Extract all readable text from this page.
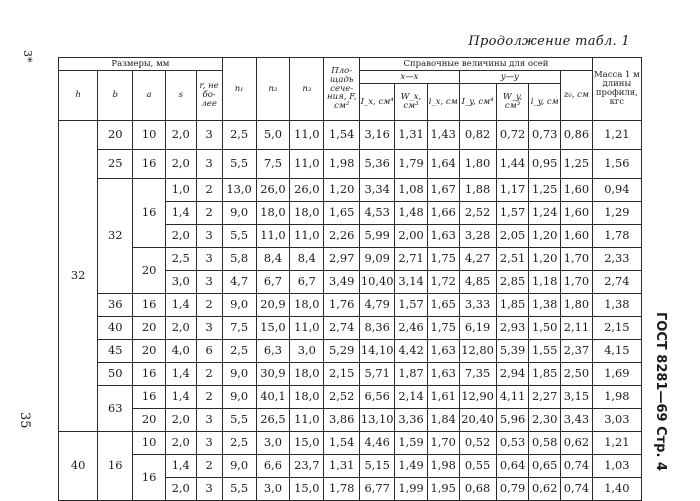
3*
Продолжение табл. 1
35	ГОСТ 8281—69 Стр. 4
Размеры, мм					n₁	n₂	n₃	Пло-щадь сече-ния, F, см²	Справочные величины для осей							Масса 1 м длины профиля, кгс
h	b	a	s	r, не бо-лее					x—x			y—y			z₀, см	
									I_x, см⁴	W_x, см³	i_x, см	I_y, см⁴	W_y, см³	i_y, см		
32	20	10	2,0	3	2,5	5,0	11,0	1,54	3,16	1,31	1,43	0,82	0,72	0,73	0,86	1,21
	25	16	2,0	3	5,5	7,5	11,0	1,98	5,36	1,79	1,64	1,80	1,44	0,95	1,25	1,56
	32	16	1,0	2	13,0	26,0	26,0	1,20	3,34	1,08	1,67	1,88	1,17	1,25	1,60	0,94
			1,4	2	9,0	18,0	18,0	1,65	4,53	1,48	1,66	2,52	1,57	1,24	1,60	1,29
			2,0	3	5,5	11,0	11,0	2,26	5,99	2,00	1,63	3,28	2,05	1,20	1,60	1,78
		20	2,5	3	5,8	8,4	8,4	2,97	9,09	2,71	1,75	4,27	2,51	1,20	1,70	2,33
			3,0	3	4,7	6,7	6,7	3,49	10,40	3,14	1,72	4,85	2,85	1,18	1,70	2,74
	36	16	1,4	2	9,0	20,9	18,0	1,76	4,79	1,57	1,65	3,33	1,85	1,38	1,80	1,38
	40	20	2,0	3	7,5	15,0	11,0	2,74	8,36	2,46	1,75	6,19	2,93	1,50	2,11	2,15
	45	20	4,0	6	2,5	6,3	3,0	5,29	14,10	4,42	1,63	12,80	5,39	1,55	2,37	4,15
	50	16	1,4	2	9,0	30,9	18,0	2,15	5,71	1,87	1,63	7,35	2,94	1,85	2,50	1,69
	63	16	1,4	2	9,0	40,1	18,0	2,52	6,56	2,14	1,61	12,90	4,11	2,27	3,15	1,98
		20	2,0	3	5,5	26,5	11,0	3,86	13,10	3,36	1,84	20,40	5,96	2,30	3,43	3,03
40	16	10	2,0	3	2,5	3,0	15,0	1,54	4,46	1,59	1,70	0,52	0,53	0,58	0,62	1,21
		16	1,4	2	9,0	6,6	23,7	1,31	5,15	1,49	1,98	0,55	0,64	0,65	0,74	1,03
			2,0	3	5,5	3,0	15,0	1,78	6,77	1,99	1,95	0,68	0,79	0,62	0,74	1,40
